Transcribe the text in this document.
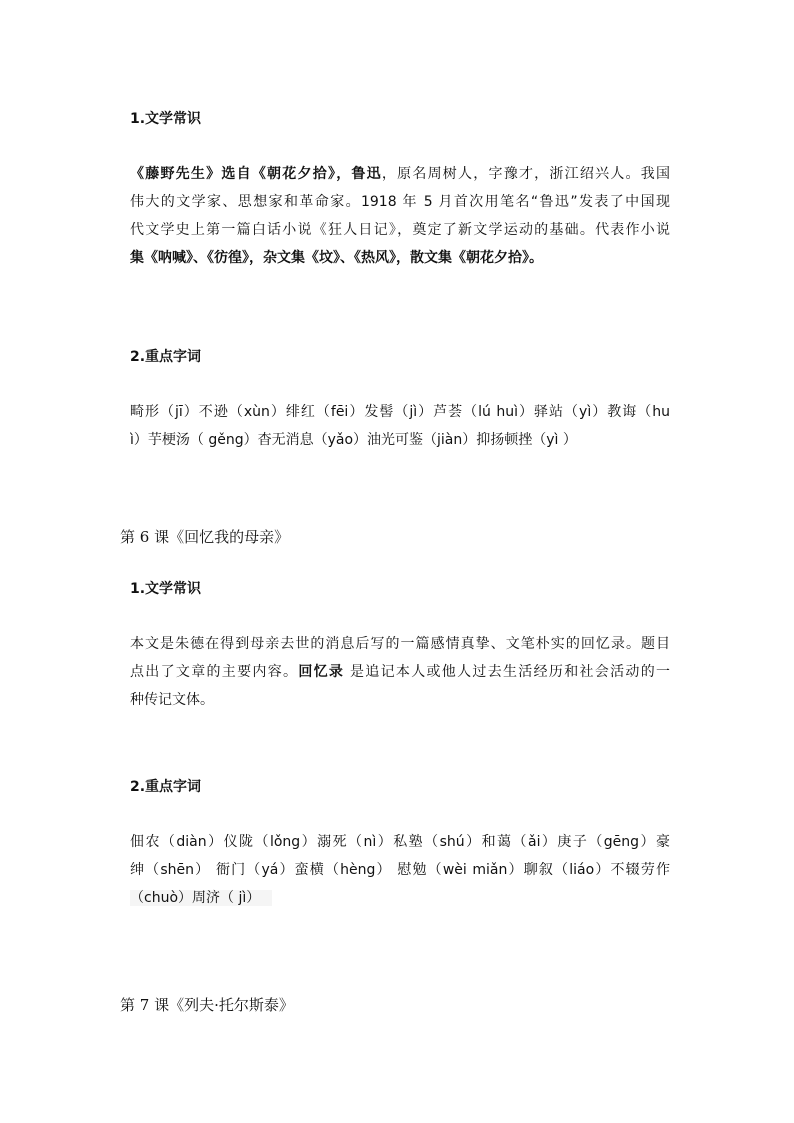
1.文学常识
《藤野先生》选自《朝花夕拾》，鲁迅，原名周树人，字豫才，浙江绍兴人。我国
伟大的文学家、思想家和革命家。1918 年 5 月首次用笔名“鲁迅”发表了中国现
代文学史上第一篇白话小说《狂人日记》，奠定了新文学运动的基础。代表作小说
集《呐喊》、《彷徨》，杂文集《坟》、《热风》，散文集《朝花夕拾》。
2.重点字词
畸形（jī）不逊（xùn）绯红（fēi）发髻（jì）芦荟（lú huì）驿站（yì）教诲（hu
ì）芋梗汤（ gěng）杳无消息（yǎo）油光可鉴（jiàn）抑扬顿挫（yì ）
第 6 课《回忆我的母亲》
1.文学常识
本文是朱德在得到母亲去世的消息后写的一篇感情真挚、文笔朴实的回忆录。题目
点出了文章的主要内容。回忆录 是追记本人或他人过去生活经历和社会活动的一
种传记文体。
2.重点字词
佃农（diàn）仪陇（lǒng）溺死（nì）私塾（shú）和蔼（ǎi）庚子（gēng）豪
绅（shēn） 衙门（yá）蛮横（hèng） 慰勉（wèi miǎn）聊叙（liáo）不辍劳作
（chuò）周济（ jì）
第 7 课《列夫·托尔斯泰》
